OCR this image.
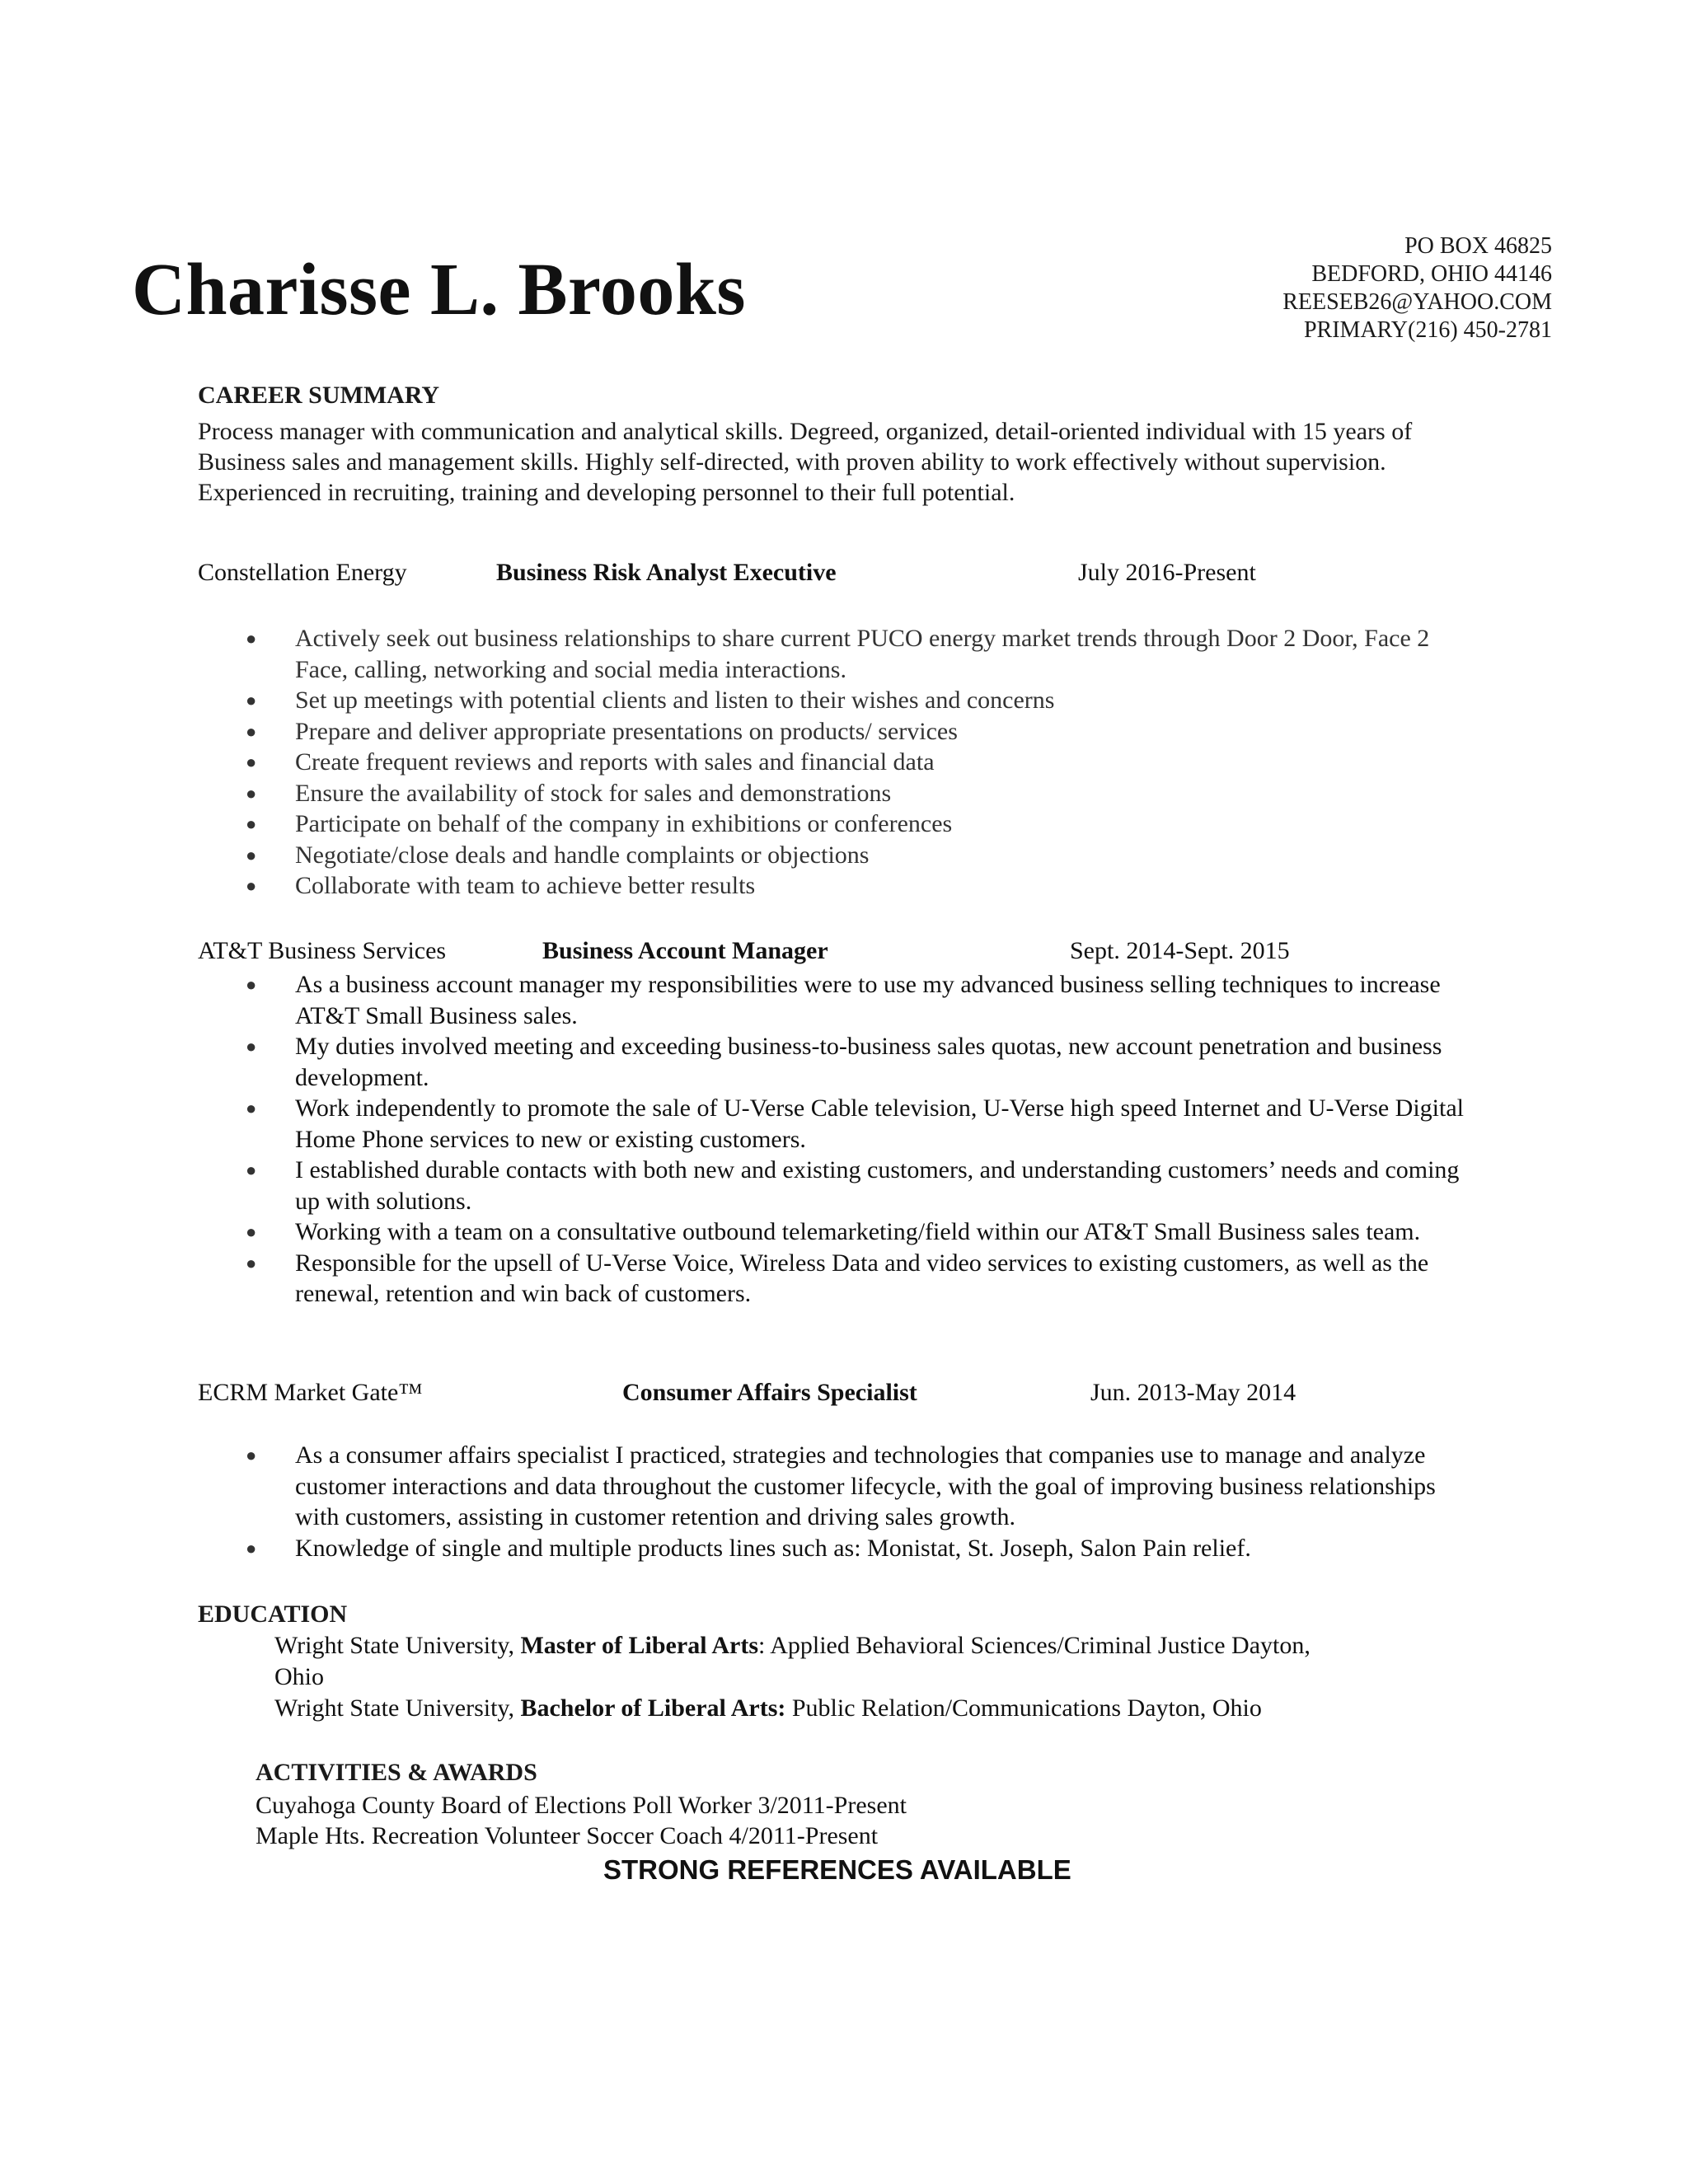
Charisse L. Brooks
PO BOX 46825
BEDFORD, OHIO 44146
REESEB26@YAHOO.COM
PRIMARY(216) 450-2781
CAREER SUMMARY
Process manager with communication and analytical skills. Degreed, organized, detail-oriented individual with 15 years of Business sales and management skills. Highly self-directed, with proven ability to work effectively without supervision. Experienced in recruiting, training and developing personnel to their full potential.
Constellation Energy	Business Risk Analyst Executive	July 2016-Present
● Actively seek out business relationships to share current PUCO energy market trends through Door 2 Door, Face 2 Face, calling, networking and social media interactions.
● Set up meetings with potential clients and listen to their wishes and concerns
● Prepare and deliver appropriate presentations on products/ services
● Create frequent reviews and reports with sales and financial data
● Ensure the availability of stock for sales and demonstrations
● Participate on behalf of the company in exhibitions or conferences
● Negotiate/close deals and handle complaints or objections
● Collaborate with team to achieve better results
AT&T Business Services	Business Account Manager	Sept. 2014-Sept. 2015
● As a business account manager my responsibilities were to use my advanced business selling techniques to increase AT&T Small Business sales.
● My duties involved meeting and exceeding business-to-business sales quotas, new account penetration and business development.
● Work independently to promote the sale of U-Verse Cable television, U-Verse high speed Internet and U-Verse Digital Home Phone services to new or existing customers.
● I established durable contacts with both new and existing customers, and understanding customers’ needs and coming up with solutions.
● Working with a team on a consultative outbound telemarketing/field within our AT&T Small Business sales team.
● Responsible for the upsell of U-Verse Voice, Wireless Data and video services to existing customers, as well as the renewal, retention and win back of customers.
ECRM Market Gate™	Consumer Affairs Specialist	Jun. 2013-May 2014
● As a consumer affairs specialist I practiced, strategies and technologies that companies use to manage and analyze customer interactions and data throughout the customer lifecycle, with the goal of improving business relationships with customers, assisting in customer retention and driving sales growth.
● Knowledge of single and multiple products lines such as: Monistat, St. Joseph, Salon Pain relief.
EDUCATION
Wright State University, Master of Liberal Arts: Applied Behavioral Sciences/Criminal Justice Dayton,
Ohio
Wright State University, Bachelor of Liberal Arts: Public Relation/Communications Dayton, Ohio
ACTIVITIES & AWARDS
Cuyahoga County Board of Elections Poll Worker 3/2011-Present
Maple Hts. Recreation Volunteer Soccer Coach 4/2011-Present
STRONG REFERENCES AVAILABLE
